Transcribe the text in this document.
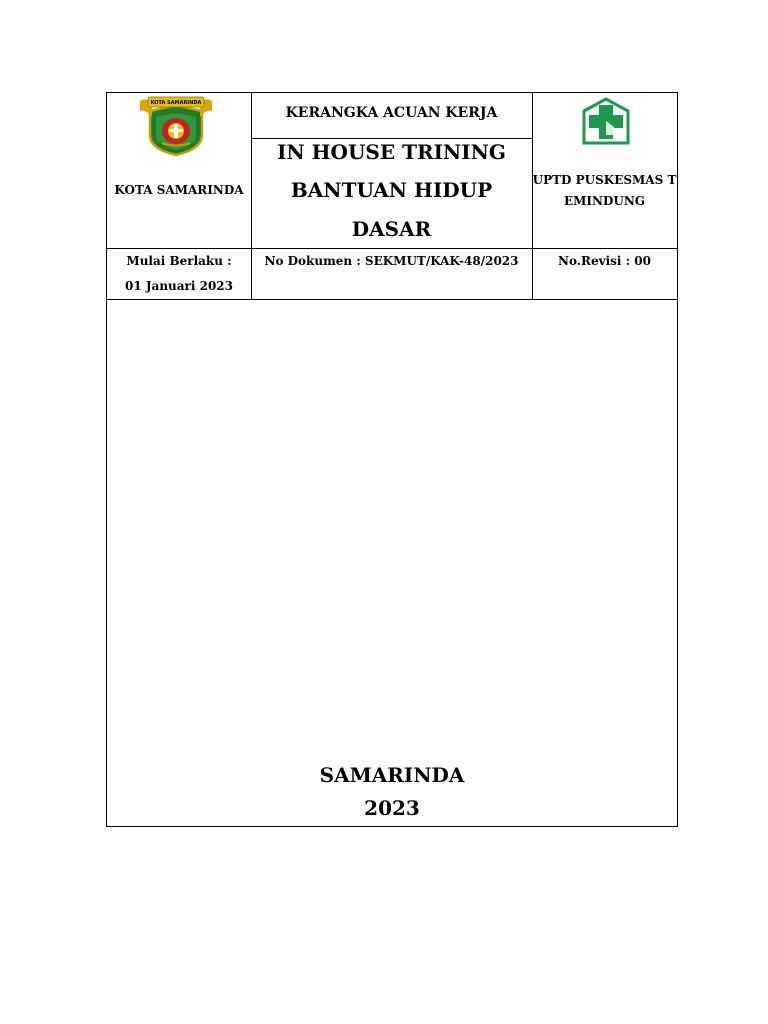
KOTA SAMARINDA
KOTA SAMARINDA
KERANGKA ACUAN KERJA
IN HOUSE TRINING
BANTUAN HIDUP
DASAR
UPTD PUSKESMAS T
EMINDUNG
Mulai Berlaku :
01 Januari 2023
No Dokumen : SEKMUT/KAK-48/2023	No.Revisi : 00
SAMARINDA
2023
